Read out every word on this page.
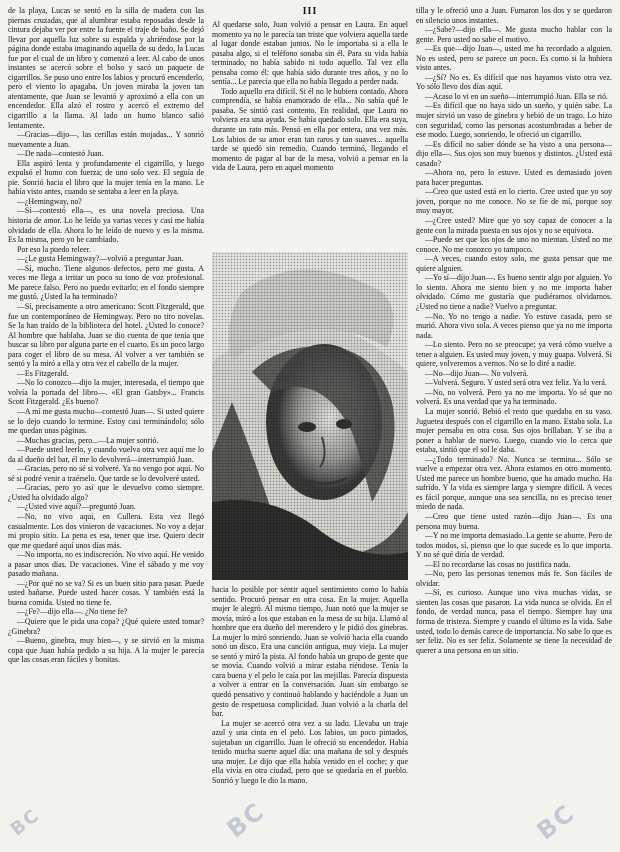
de la playa, Lucas se sentó en la silla de madera con las piernas cruzadas, que al alumbrar estaba reposadas desde la cintura dejaba ver por entre la fuente el traje de baño. Se dejó llevar por aquella luz sobre su espalda y abriéndose por la página donde estaba imaginando aquella de su dedo, la Lucas fue por el cual de un libro y comenzó a leer. Al cabo de unos instantes se acercó sobre el bolso y sacó un paquete de cigarrillos. Se puso uno entre los labios y procuró encenderlo, pero el viento lo apagaba. Un joven miraba la joven tan atentamente, que Juan se levantó y aproximó a ella con un encendedor. Ella alzó el rostro y acercó el extremo del cigarrillo a la llama. Al lado un humo blanco salió lentamente.

—Gracias—dijo—, las cerillas están mojadas... Y sonrió nuevamente a Juan.

—De nada—contestó Juan.

Ella aspiró lenta y profundamente el cigarrillo, y luego expulsó el humo con fuerza; de uno solo vez. El seguía de pie. Sonrió hacia el libro que la mujer tenía en la mano. Le había visto antes, cuando se sentaba a leer en la playa.

—¿Hemingway, no?

—Sí—contestó ella—, es una novela preciosa. Una historia de amor. Lo he leído ya varias veces y casi me había olvidado de ella. Ahora lo he leído de nuevo y es la misma. Es la misma, pero yo he cambiado.

Por eso la puedo releer.

—¿Le gusta Hemingway?—volvió a preguntar Juan.

—Sí, mucho. Tiene algunos defectos, pero me gusta. A veces me llega a irritar un poco su tono de voz profesional. Me parece falso. Pero no puedo evitarlo; en el fondo siempre me gustó. ¿Usted la ha terminado?

—Sí, precisamente a otro americano: Scott Fitzgerald, que fue un contemporáneo de Hemingway. Pero no tiro novelas. Se la han traído de la biblioteca del hotel. ¿Usted lo conoce? Al hombre que hablaba. Juan se dio cuenta de que tenía que buscar su libro por alguna parte en el cuarto. Es un poco largo para coger el libro de su mesa. Al volver a ver también se sentó y la miró a ella y otra vez el cabello de la mujer.

—Es Fitzgerald.

—No lo conozco—dijo la mujer, interesada, el tiempo que volvía la portada del libro—. «El gran Gatsby»... Francis Scott Fitzgerald. ¿Es bueno?

—A mí me gusta mucho—contestó Juan—. Si usted quiere se lo dejo cuando lo termine. Estoy casi terminándolo; sólo me quedan unas páginas.

—Muchas gracias, pero...—La mujer sonrió.

—Puede usted leerlo, y cuando vuelva otra vez aquí me lo da al dueño del bar, él me lo devolverá—interrumpió Juan.

—Gracias, pero no sé si volveré. Ya no vengo por aquí. No sé si podré venir a traérselo. Que tarde se lo devolveré usted.

—Gracias, pero yo así que le devuelvo como siempre. ¿Usted ha olvidado algo?

—¿Usted vive aquí?—preguntó Juan.

—No, no vivo aquí, en Cullera. Esta vez llegó casualmente. Los dos vinieron de vacaciones. No voy a dejar mi propio sitio. La pena es esa, tener que irse. Quiero decir que me quedaré aquí unos días más.

—No importa, no es indiscreción. No vivo aquí. He venido a pasar unos días. De vacaciones. Vine el sábado y me voy pasado mañana.

—¿Por qué no se va? Si es un buen sitio para pasar. Puede usted bañarse. Puede usted hacer cosas. Y también está la buena comida. Usted no tiene fe.

—¿Fe?—dijo ella—. ¿No tiene fe?

—Quiere que le pida una copa? ¿Qué quiere usted tomar? ¿Ginebra?

—Bueno, ginebra, muy bien—, y se sirvió en la misma copa que Juan había pedido a su hija. A la mujer le parecía que las cosas eran fáciles y bonitas.

III

Al quedarse solo, Juan volvió a pensar en Laura. En aquel momento ya no le parecía tan triste que volviera aquella tarde al lugar donde estaban juntos. No le importaba si a ella le pasaba algo, si el teléfono sonaba sin él. Para su vida había terminado, no había sabido ni todo aquello. Tal vez ella pensaba como él: que había sido durante tres años, y no lo sentía... Le parecía que ella no había llegado a perder nada.

Todo aquello era difícil. Si él no le hubiera contado. Ahora comprendía, se había enamorado de ella... No sabía qué le pasaba. Se sintió casi contento. En realidad, que Laura no volviera era una ayuda. Se había quedado solo. Ella era suya, durante un rato más. Pensó en ella por entera, una vez más. Los labios de su amor eran tan raros y tan suaves... aquella tarde se quedó sin remedio. Cuando terminó, llegando el momento de pagar al bar de la mesa, volvió a pensar en la vida de Laura, pero en aquel momento

hacia lo posible por sentir aquel sentimiento como lo había sentido. Procuró pensar en otra cosa. En la mujer. Aquella mujer le alegró. Al mismo tiempo, Juan notó que la mujer se movía, miró a los que estaban en la mesa de su hija. Llamó al hombre que era dueño del merendero y le pidió dos ginebras. La mujer lo miró sonriendo. Juan se volvió hacia ella cuando sonó un disco. Era una canción antigua, muy vieja. La mujer se sentó y miró la pista. Al fondo había un grupo de gente que se movía. Cuando volvió a mirar estaba riéndose. Tenía la cara buena y el pelo le caía por las mejillas. Parecía dispuesta a volver a entrar en la conversación. Juan sin embargo se quedó pensativo y continuó hablando y haciéndole a Juan un gesto de respetuosa complicidad. Juan volvió a la charla del bar.

La mujer se acercó otra vez a su lado. Llevaba un traje azul y una cinta en el pelo. Los labios, un poco pintados, sujetaban un cigarrillo. Juan le ofreció su encendedor. Había tenido mucha suerte aquel día: una mañana de sol y después una mujer. Le dijo que ella había venido en el coche; y que ella vivía en otra ciudad, pero que se quedaría en el pueblo. Sonrió y luego le dio la mano.

tilla y le ofreció uno a Juan. Fumaron los dos y se quedaron en silencio unos instantes.

—¿Sabe?—dijo ella—. Me gusta mucho hablar con la gente. Pero usted no sabe el motivo.

—Es que—dijo Juan—, usted me ha recordado a alguien. No es usted, pero se parece un poco. Es como si la hubiera visto antes.

—¿Sí? No es. Es difícil que nos hayamos visto otra vez. Yo sólo llevo dos días aquí.

—Acaso lo vi en un sueño—interrumpió Juan. Ella se rió.

—Es difícil que no haya sido un sueño, y quién sabe. La mujer sirvió un vaso de ginebra y bebió de un trago. Lo hizo con seguridad, como las personas acostumbradas a beber de ese modo. Luego, sonriendo, le ofreció un cigarrillo.

—Es difícil no saber dónde se ha visto a una persona—dijo ella—. Sus ojos son muy buenos y distintos. ¿Usted está casado?

—Ahora no, pero lo estuve. Usted es demasiado joven para hacer preguntas.

—Creo que usted está en lo cierto. Cree usted que yo soy joven, porque no me conoce. No se fíe de mí, porque soy muy mayor.

—¿Cree usted? Mire que yo soy capaz de conocer a la gente con la mirada puesta en sus ojos y no se equivoca.

—Puede ser que los ojos de uno no mientan. Usted no me conoce. No me conozco yo tampoco.

—A veces, cuando estoy solo, me gusta pensar que me quiere alguien.

—Yo sí—dijo Juan—. Es bueno sentir algo por alguien. Yo lo siento. Ahora me siento bien y no me importa haber olvidado. Cómo me gustaría que pudiéramos olvidarnos. ¿Usted no tiene a nadie? Vuelvo a preguntar.

—No. Yo no tengo a nadie. Yo estuve casada, pero se murió. Ahora vivo sola. A veces pienso que ya no me importa nada.

—Lo siento. Pero no se preocupe; ya verá cómo vuelve a tener a alguien. Es usted muy joven, y muy guapa. Volverá. Si quiere, volveremos a vernos. No se lo diré a nadie.

—No—dijo Juan—. No volverá.

—Volverá. Seguro. Y usted será otra vez feliz. Ya lo verá.

—No, no volverá. Pero ya no me importa. Yo sé que no volverá. Es una verdad que ya ha terminado.

La mujer sonrió. Bebió el resto que quedaba en su vaso. Juguetea después con el cigarrillo en la mano. Estaba sola. La mujer pensaba en otra cosa. Sus ojos brillaban. Y se iba a poner a hablar de nuevo. Luego, cuando vio lo cerca que estaba, sintió que el sol le daba.

—¿Todo terminado? No. Nunca se termina... Sólo se vuelve a empezar otra vez. Ahora estamos en otro momento. Usted me parece un hombre bueno, que ha amado mucho. Ha sufrido. Y la vida es siempre larga y siempre difícil. A veces es fácil porque, aunque una sea sencilla, no es preciso tener miedo de nada.

—Creo que tiene usted razón—dijo Juan—. Es una persona muy buena.

—Y no me importa demasiado. La gente se aburre. Pero de todos modos, sí, pienso que lo que sucede es lo que importa. Y no sé qué diría de verdad.

—El no recordarse las cosas no justifica nada.

—No, pero las personas tenemos más fe. Son fáciles de olvidar.

—Sí, es curioso. Aunque uno viva muchas vidas, se sienten las cosas que pasaron. La vida nunca se olvida. En el fondo, de verdad nunca, pasa el tiempo. Siempre hay una forma de tristeza. Siempre y cuando el último es la vida. Sabe usted, todo lo demás carece de importancia. No sabe lo que es ser feliz. No es ser feliz. Solamente se tiene la necesidad de querer a una persona en un sitio.

BC	BC	BC
